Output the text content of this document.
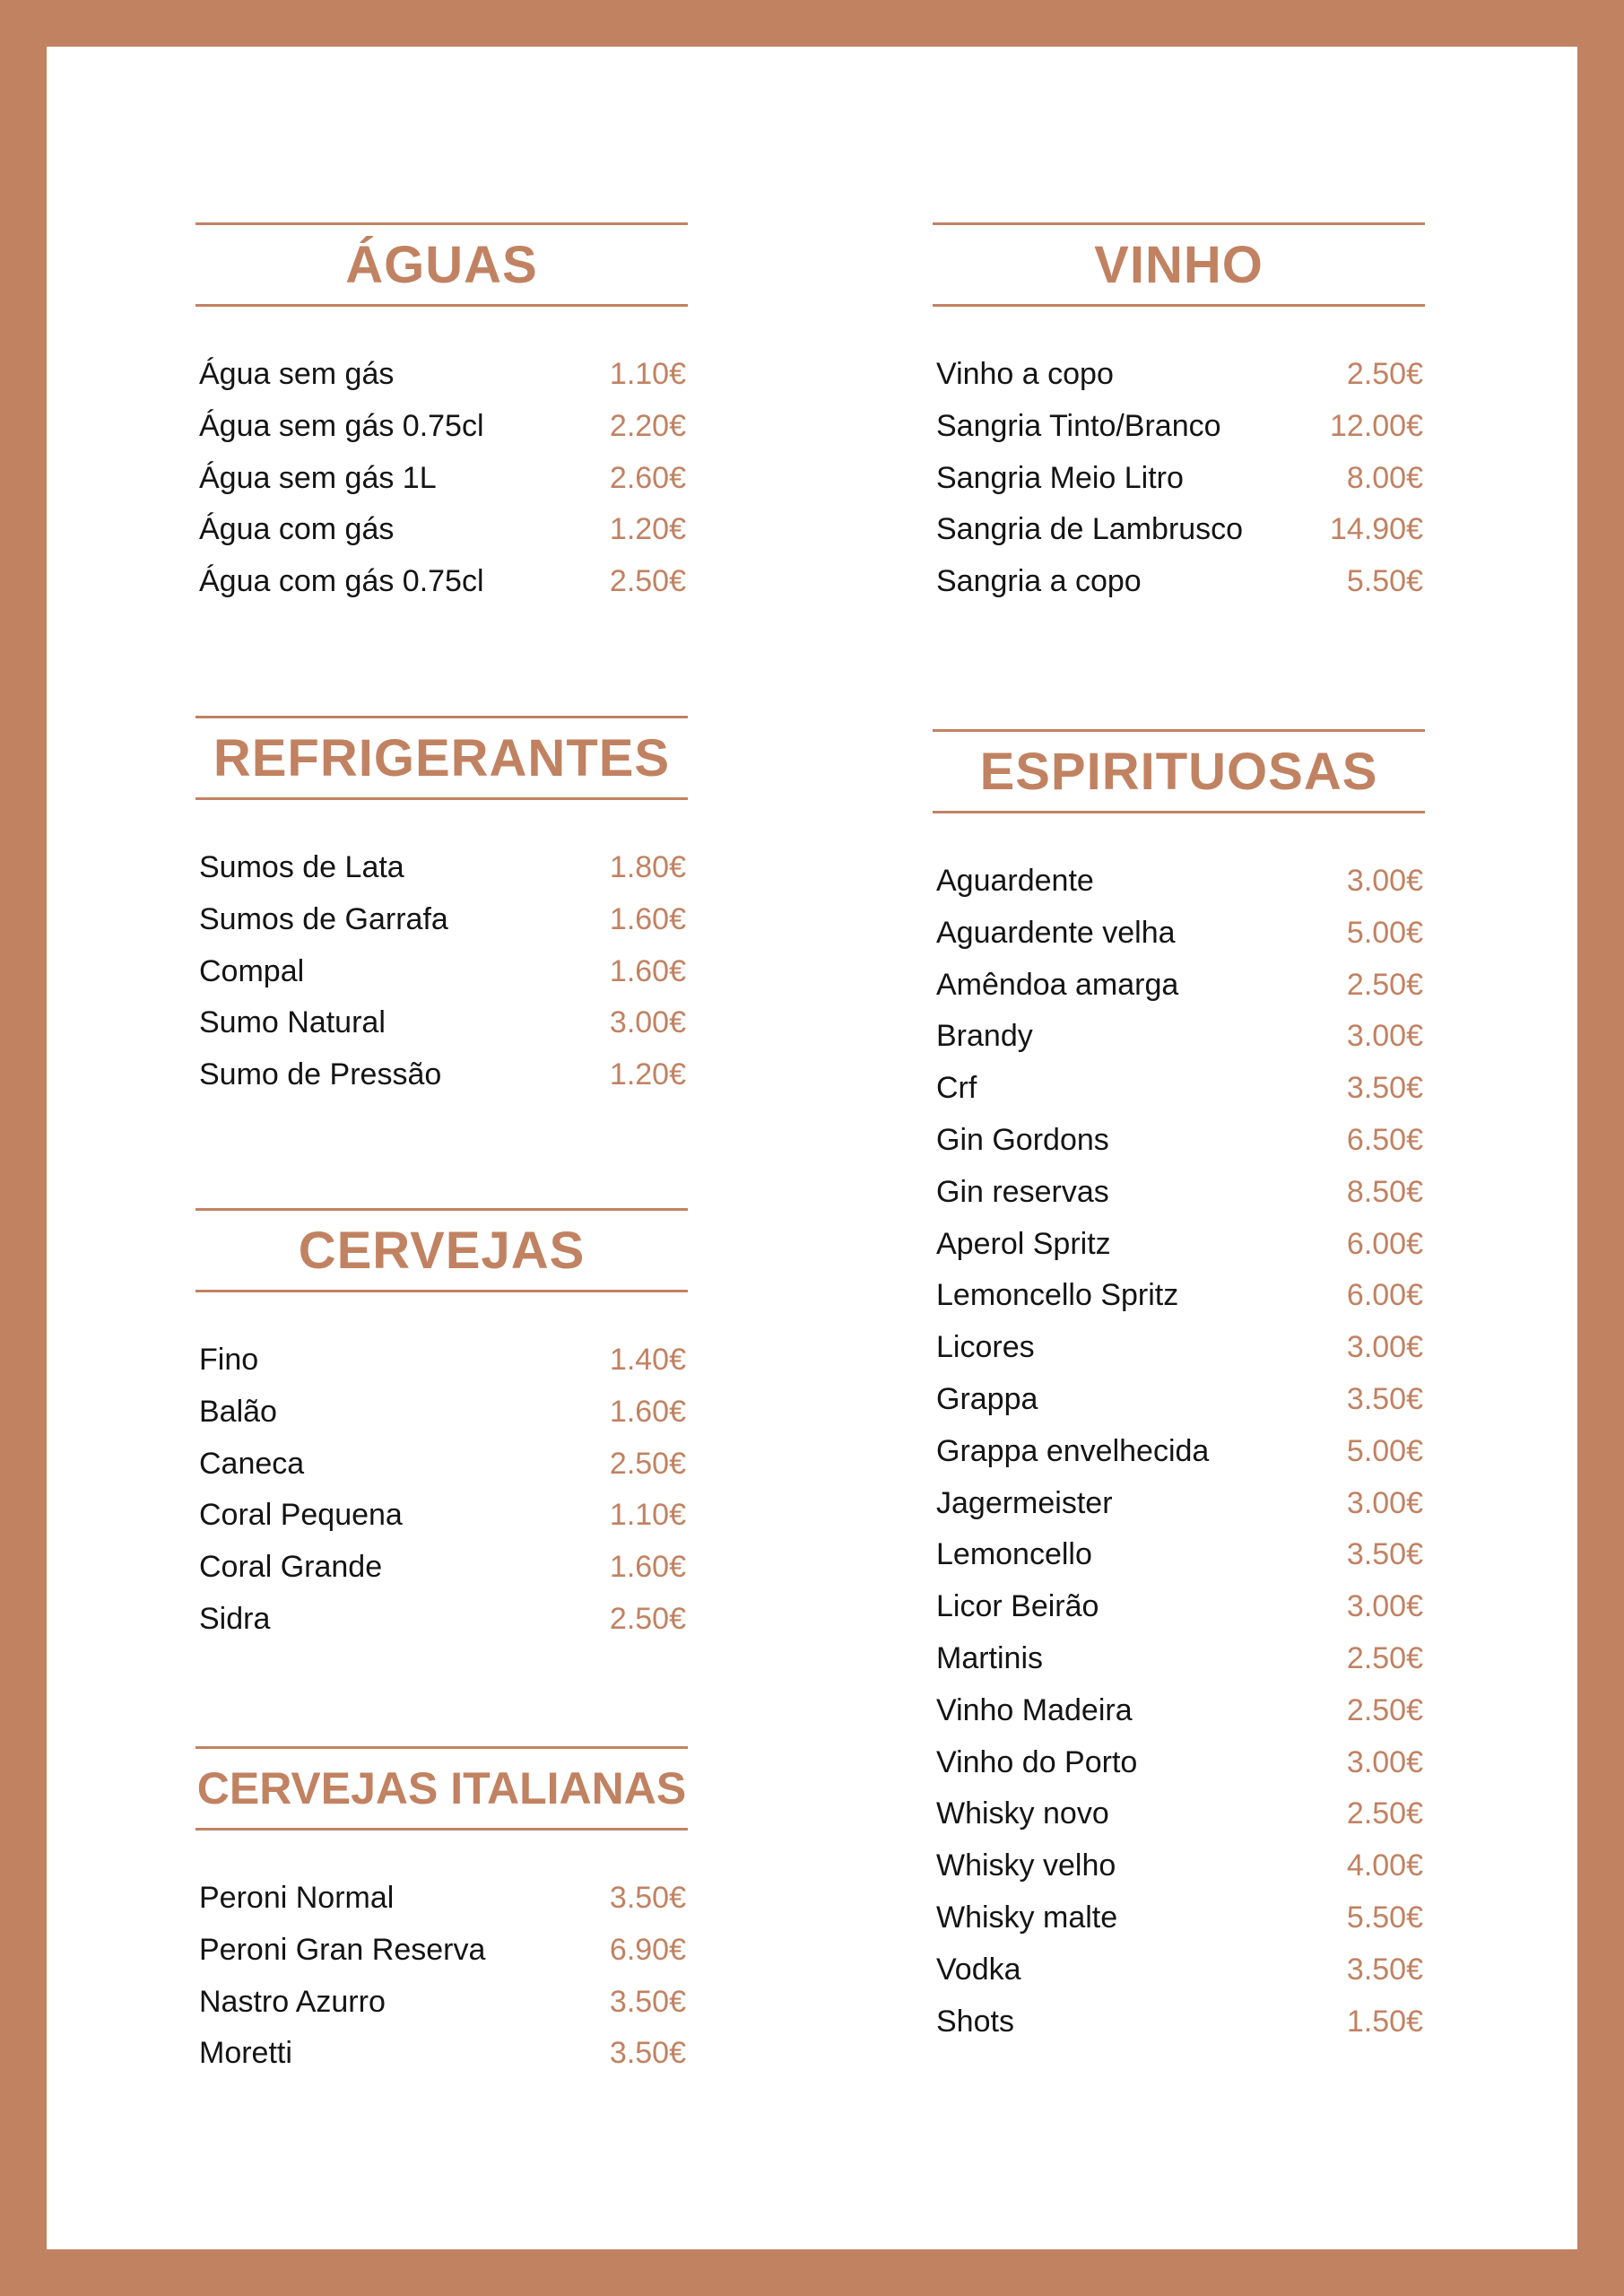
ÁGUAS
Água sem gás	1.10€
Água sem gás 0.75cl	2.20€
Água sem gás 1L	2.60€
Água com gás	1.20€
Água com gás 0.75cl	2.50€
REFRIGERANTES
Sumos de Lata	1.80€
Sumos de Garrafa	1.60€
Compal	1.60€
Sumo Natural	3.00€
Sumo de Pressão	1.20€
CERVEJAS
Fino	1.40€
Balão	1.60€
Caneca	2.50€
Coral Pequena	1.10€
Coral Grande	1.60€
Sidra	2.50€
CERVEJAS ITALIANAS
Peroni Normal	3.50€
Peroni Gran Reserva	6.90€
Nastro Azurro	3.50€
Moretti	3.50€
VINHO
Vinho a copo	2.50€
Sangria Tinto/Branco	12.00€
Sangria Meio Litro	8.00€
Sangria de Lambrusco	14.90€
Sangria a copo	5.50€
ESPIRITUOSAS
Aguardente	3.00€
Aguardente velha	5.00€
Amêndoa amarga	2.50€
Brandy	3.00€
Crf	3.50€
Gin Gordons	6.50€
Gin reservas	8.50€
Aperol Spritz	6.00€
Lemoncello Spritz	6.00€
Licores	3.00€
Grappa	3.50€
Grappa envelhecida	5.00€
Jagermeister	3.00€
Lemoncello	3.50€
Licor Beirão	3.00€
Martinis	2.50€
Vinho Madeira	2.50€
Vinho do Porto	3.00€
Whisky novo	2.50€
Whisky velho	4.00€
Whisky malte	5.50€
Vodka	3.50€
Shots	1.50€
